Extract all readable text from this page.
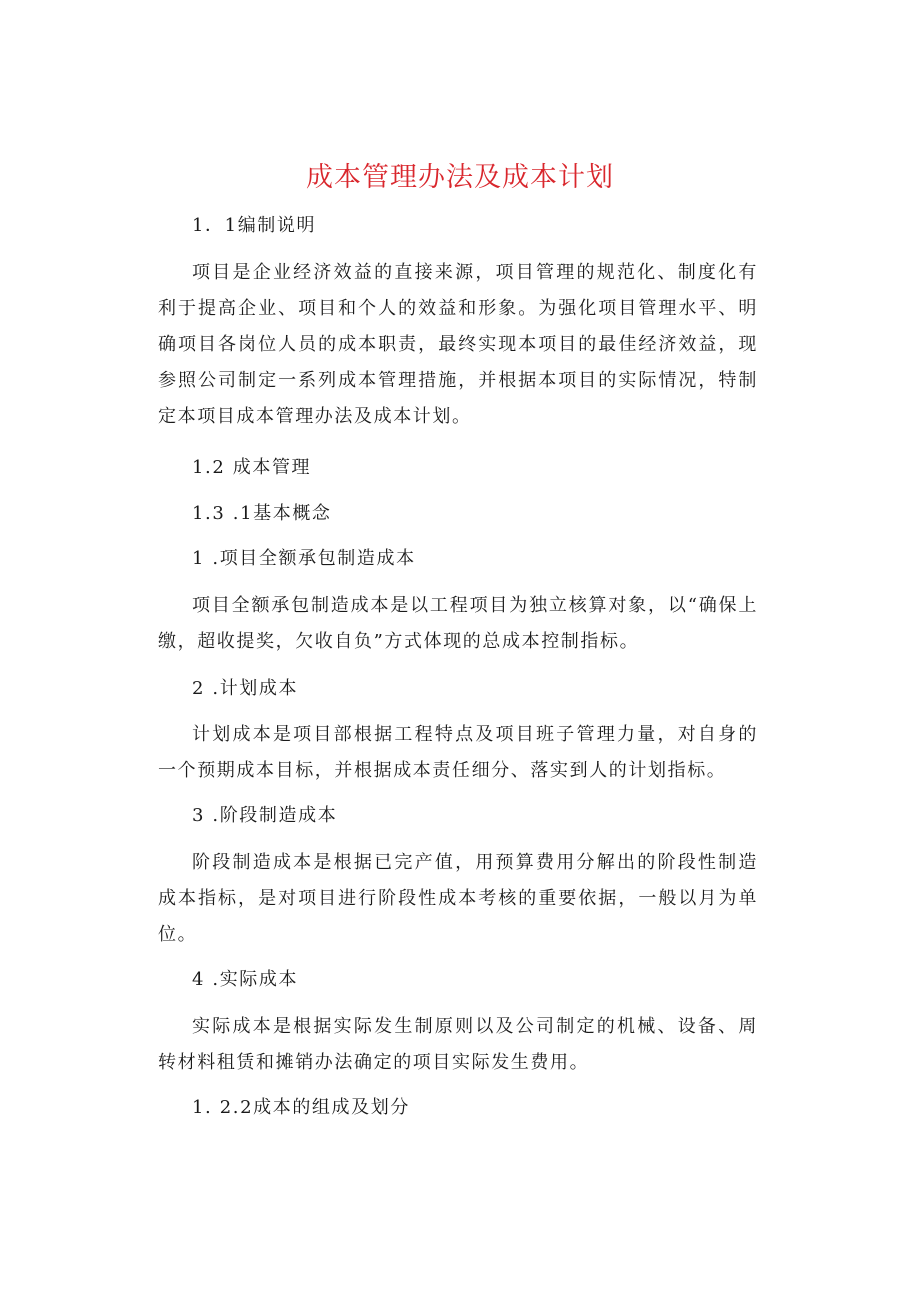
成本管理办法及成本计划

1．1编制说明

项目是企业经济效益的直接来源，项目管理的规范化、制度化有利于提高企业、项目和个人的效益和形象。为强化项目管理水平、明确项目各岗位人员的成本职责，最终实现本项目的最佳经济效益，现参照公司制定一系列成本管理措施，并根据本项目的实际情况，特制定本项目成本管理办法及成本计划。

1.2 成本管理

1.3 .1基本概念

1 .项目全额承包制造成本

项目全额承包制造成本是以工程项目为独立核算对象，以“确保上缴，超收提奖，欠收自负”方式体现的总成本控制指标。

2 .计划成本

计划成本是项目部根据工程特点及项目班子管理力量，对自身的一个预期成本目标，并根据成本责任细分、落实到人的计划指标。

3 .阶段制造成本

阶段制造成本是根据已完产值，用预算费用分解出的阶段性制造成本指标，是对项目进行阶段性成本考核的重要依据，一般以月为单位。

4 .实际成本

实际成本是根据实际发生制原则以及公司制定的机械、设备、周转材料租赁和摊销办法确定的项目实际发生费用。

1. 2.2成本的组成及划分
